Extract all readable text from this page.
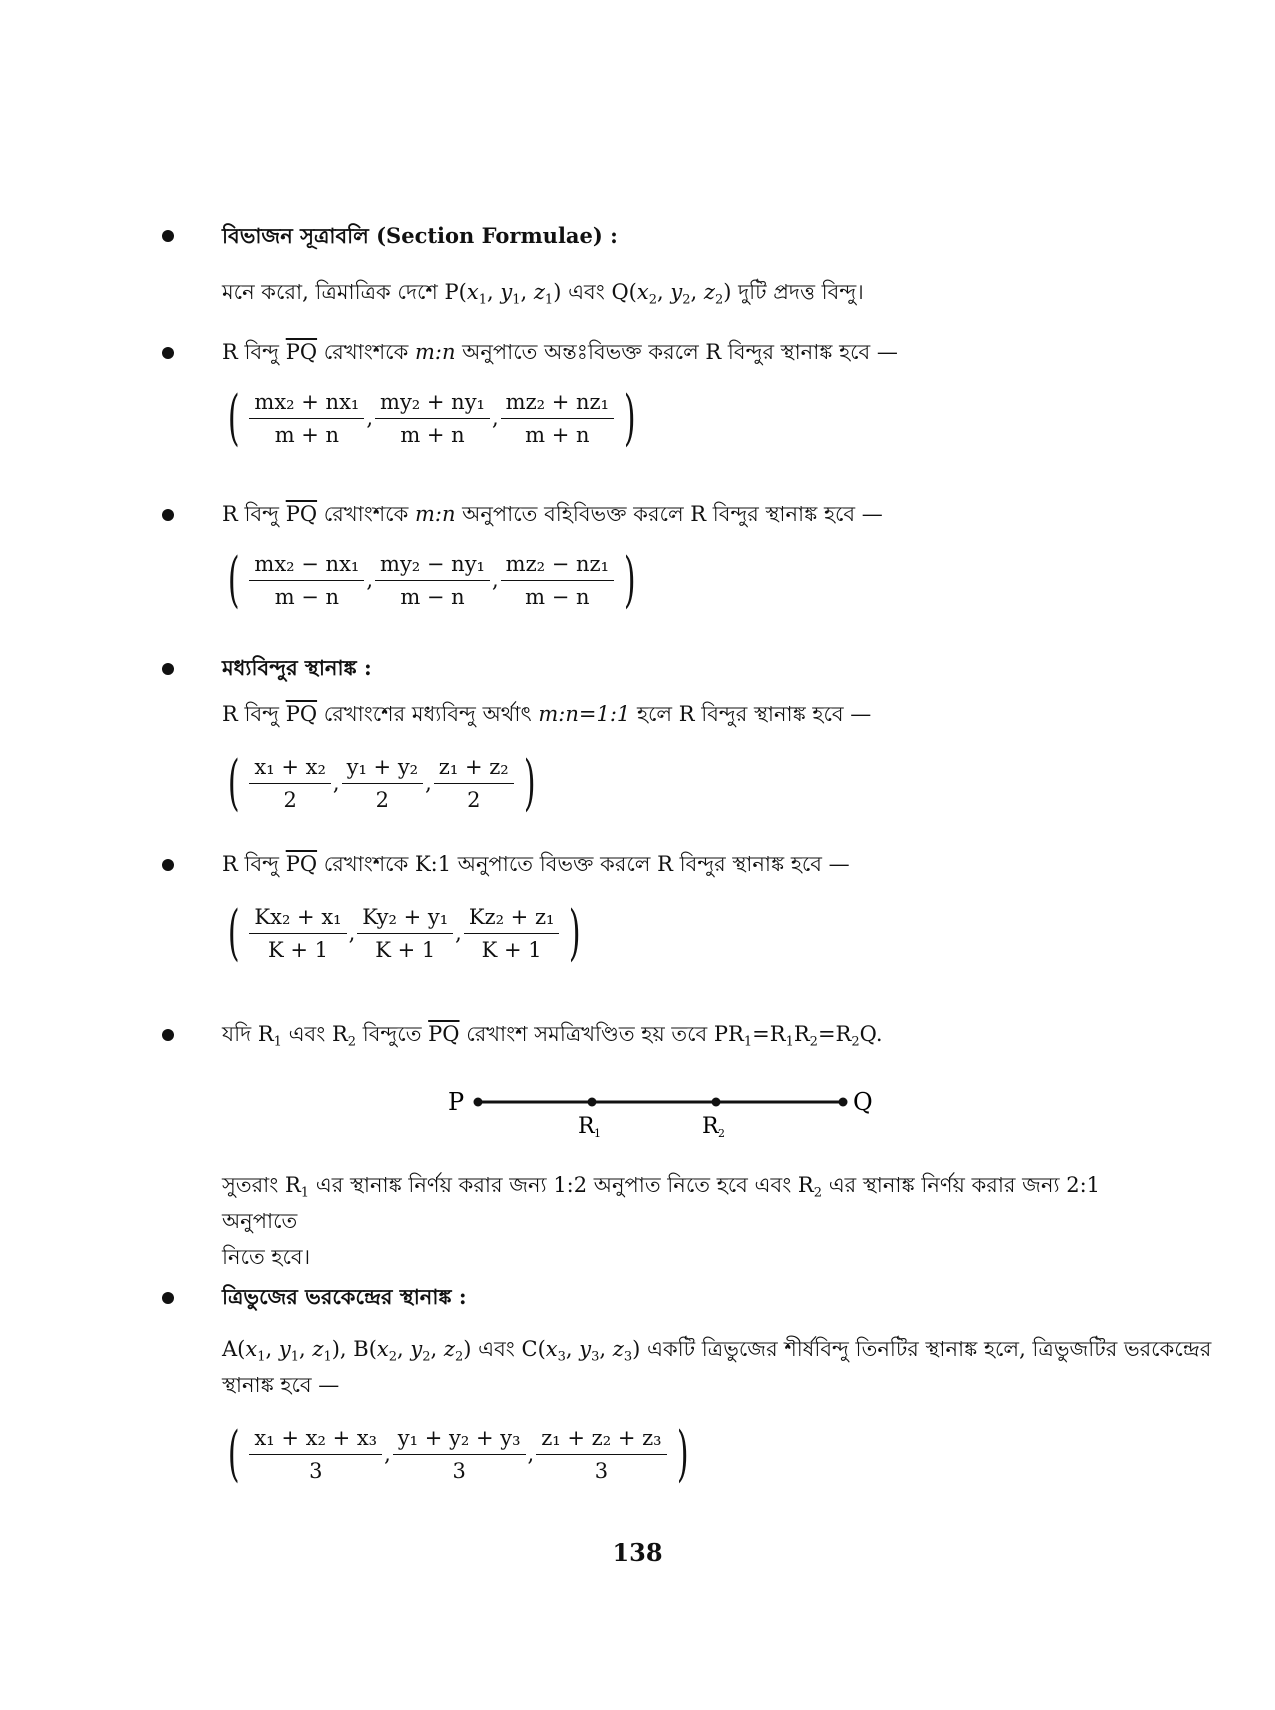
বিভাজন সূত্রাবলি (Section Formulae) :
মনে করো, ত্রিমাত্রিক দেশে $P(x_1$, $y_1$, $z_1$) এবং $Q(x_2$, $y_2$, $z_2$) দুটি প্রদত্ত বিন্দু।
R বিন্দু $\overline{PQ}$ রেখাংশকে m:n অনুপাতে অন্তঃবিভক্ত করলে R বিন্দুর স্থানাঙ্ক হবে —
( $\frac{\text{mx₂ + nx₁}}{m + n}$ , $\frac{\text{my₂ + ny₁}}{m + n}$ , $\frac{\text{mz₂ + nz₁}}{m + n}$ )
R বিন্দু $\overline{PQ}$ রেখাংশকে m:n অনুপাতে বহিবিভক্ত করলে R বিন্দুর স্থানাঙ্ক হবে —
( $\frac{\text{mx₂ − nx₁}}{m - n}$ , $\frac{\text{my₂ − ny₁}}{m - n}$ , $\frac{\text{mz₂ − nz₁}}{m - n}$ )
মধ্যবিন্দুর স্থানাঙ্ক :
R বিন্দু $\overline{PQ}$ রেখাংশের মধ্যবিন্দু অর্থাৎ m:n=1:1 হলে R বিন্দুর স্থানাঙ্ক হবে —
( $\frac{\text{x₁ + x₂}}{2}$ , $\frac{\text{y₁ + y₂}}{2}$ , $\frac{\text{z₁ + z₂}}{2}$ )
R বিন্দু $\overline{PQ}$ রেখাংশকে K:1 অনুপাতে বিভক্ত করলে R বিন্দুর স্থানাঙ্ক হবে —
( $\frac{\text{Kx₂ + x₁}}{K + 1}$ , $\frac{\text{Ky₂ + y₁}}{K + 1}$ , $\frac{\text{Kz₂ + z₁}}{K + 1}$ )
যদি $R_1$ এবং $R_2$ বিন্দুতে $\overline{PQ}$ রেখাংশ সমত্রিখণ্ডিত হয় তবে $PR_1=R_1R_2=R_2Q$.
P	Q
R 1	R 2
সুতরাং $R_1$ এর স্থানাঙ্ক নির্ণয় করার জন্য 1:2 অনুপাত নিতে হবে এবং $R_2$ এর স্থানাঙ্ক নির্ণয় করার জন্য 2:1 অনুপাতে
নিতে হবে।
ত্রিভুজের ভরকেন্দ্রের স্থানাঙ্ক :
$A(x_1$, $y_1$, $z_1$), $B(x_2$, $y_2$, $z_2$) এবং $C(x_3$, $y_3$, $z_3$) একটি ত্রিভুজের শীর্ষবিন্দু তিনটির স্থানাঙ্ক হলে, ত্রিভুজটির ভরকেন্দ্রের
স্থানাঙ্ক হবে —
( $\frac{\text{x₁ + x₂ + x₃}}{3}$ , $\frac{\text{y₁ + y₂ + y₃}}{3}$ , $\frac{\text{z₁ + z₂ + z₃}}{3}$ )
138
